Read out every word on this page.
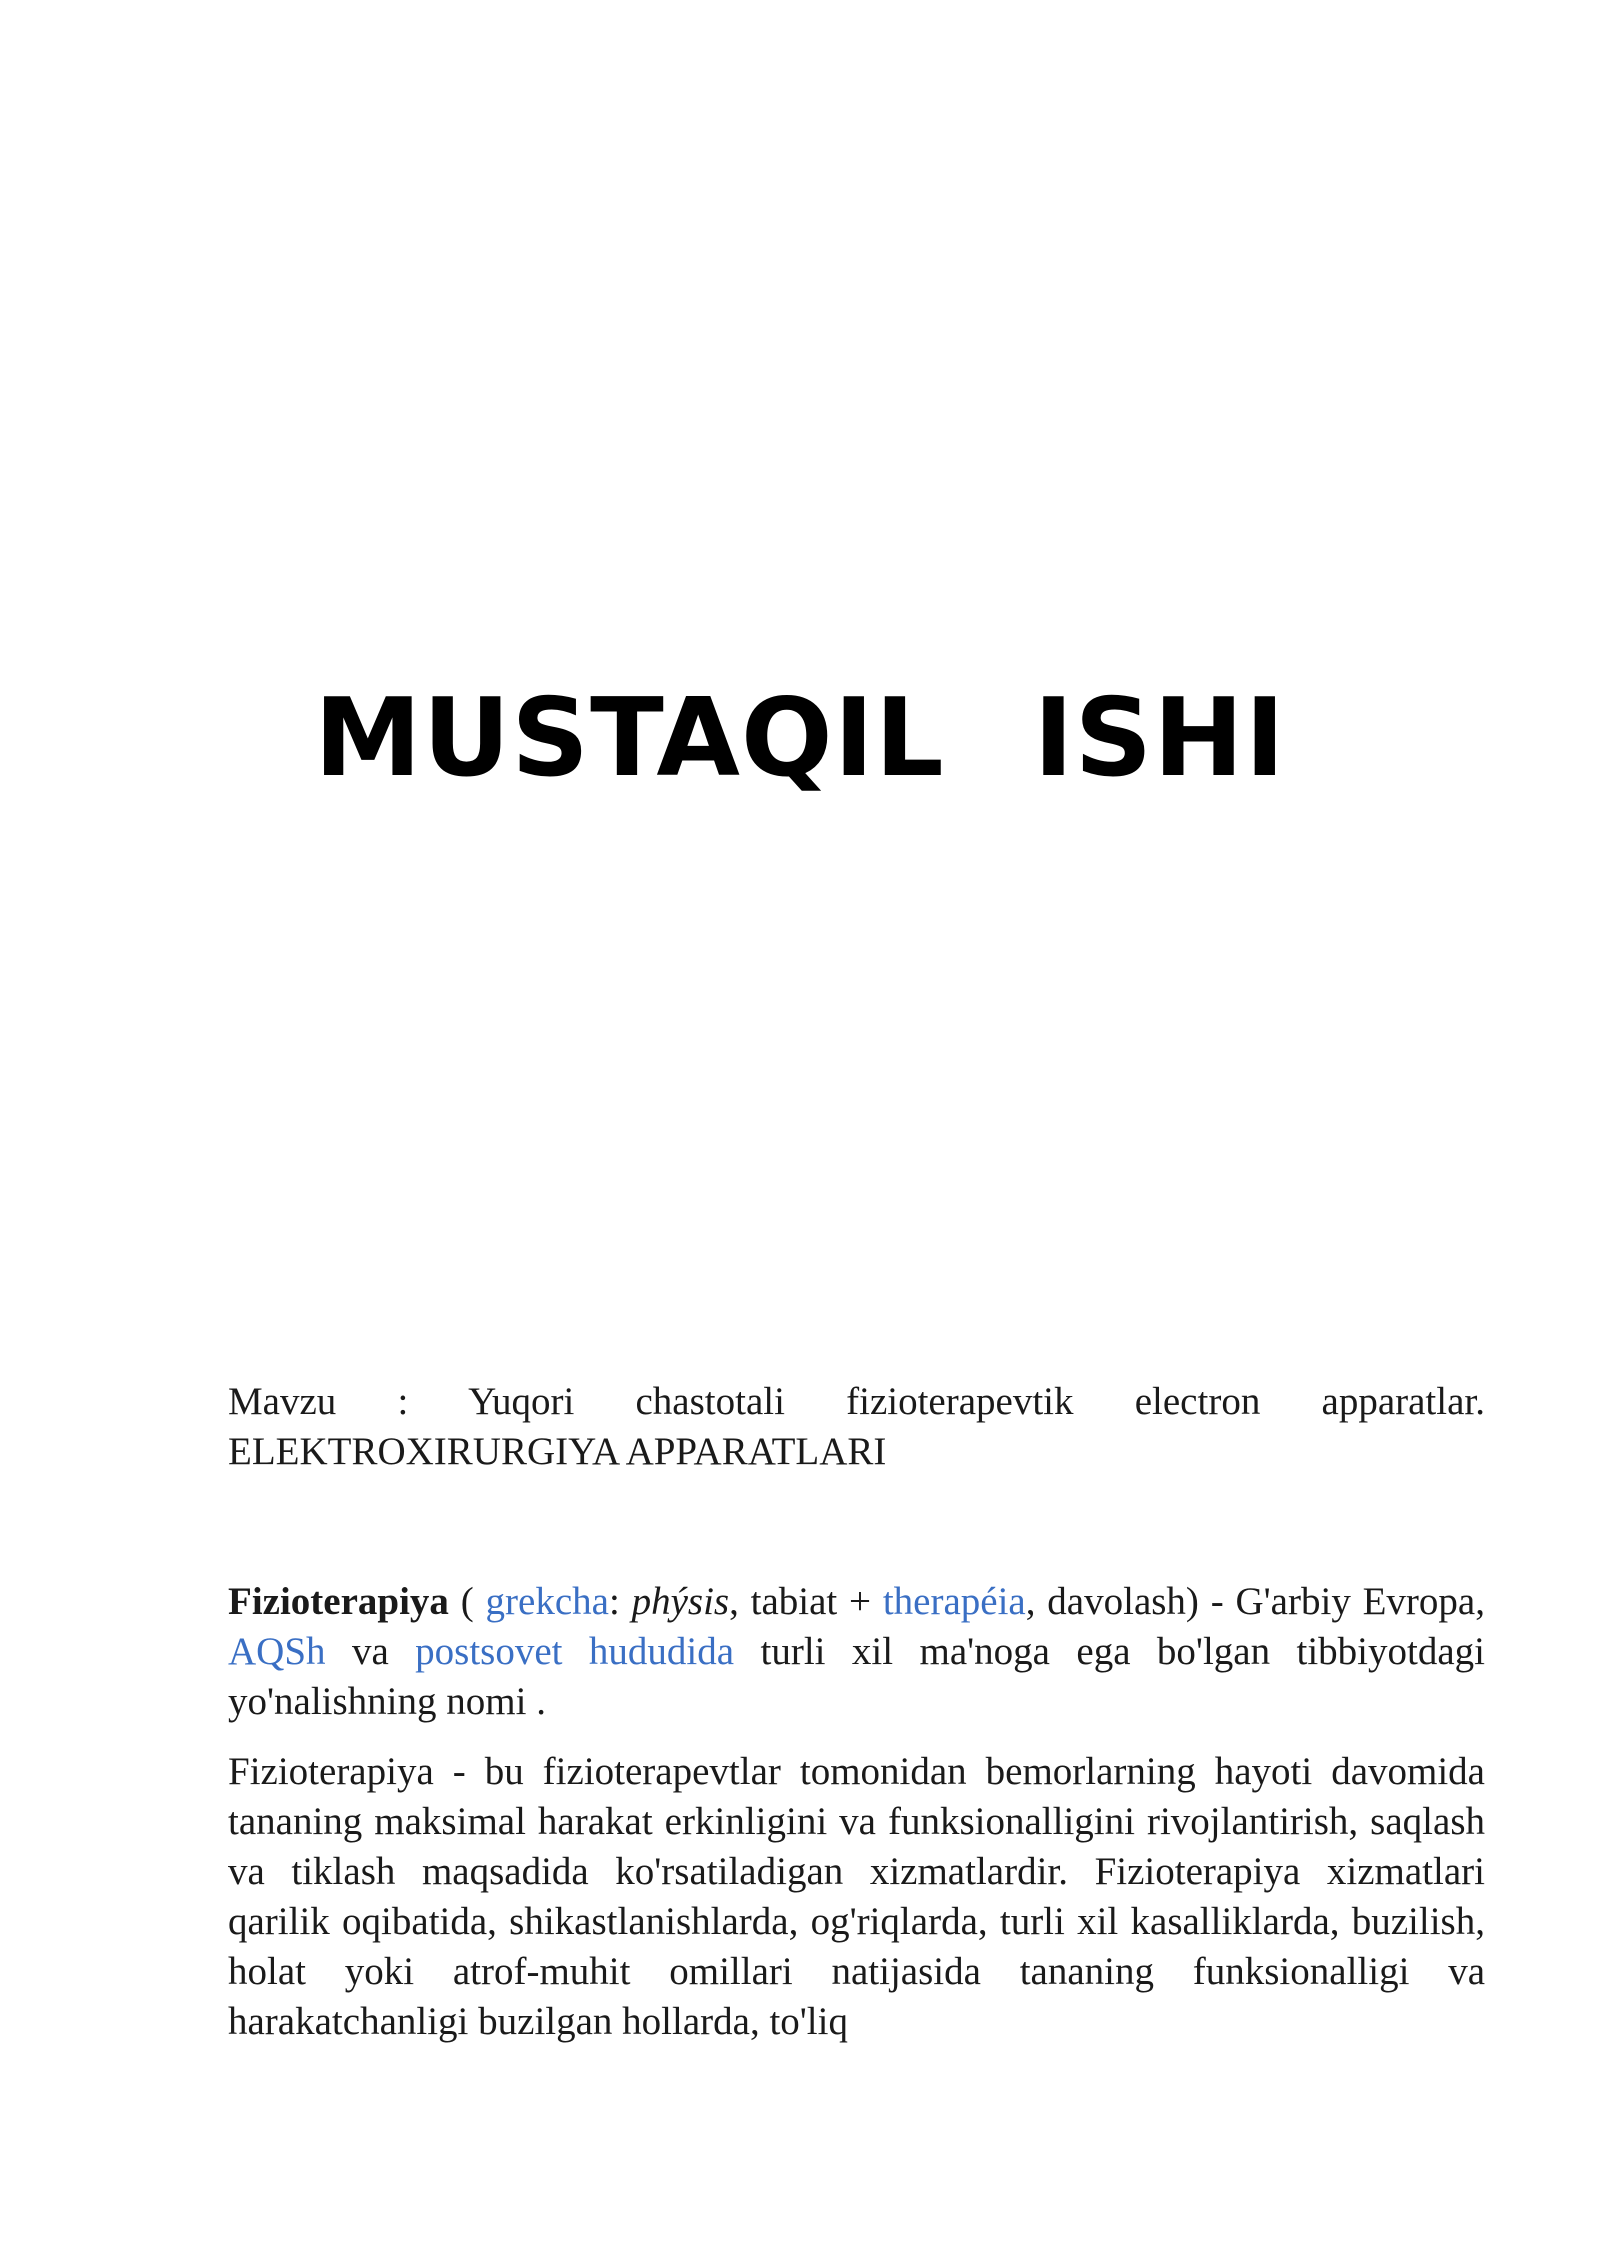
MUSTAQIL ISHI

Mavzu : Yuqori chastotali fizioterapevtik electron apparatlar. ELEKTROXIRURGIYA APPARATLARI

Fizioterapiya ( grekcha: phýsis, tabiat + therapéia, davolash) - G'arbiy Evropa, AQSh va postsovet hududida turli xil ma'noga ega bo'lgan tibbiyotdagi yo'nalishning nomi .

Fizioterapiya - bu fizioterapevtlar tomonidan bemorlarning hayoti davomida tananing maksimal harakat erkinligini va funksionalligini rivojlantirish, saqlash va tiklash maqsadida ko'rsatiladigan xizmatlardir. Fizioterapiya xizmatlari qarilik oqibatida, shikastlanishlarda, og'riqlarda, turli xil kasalliklarda, buzilish, holat yoki atrof-muhit omillari natijasida tananing funksionalligi va harakatchanligi buzilgan hollarda, to'liq
